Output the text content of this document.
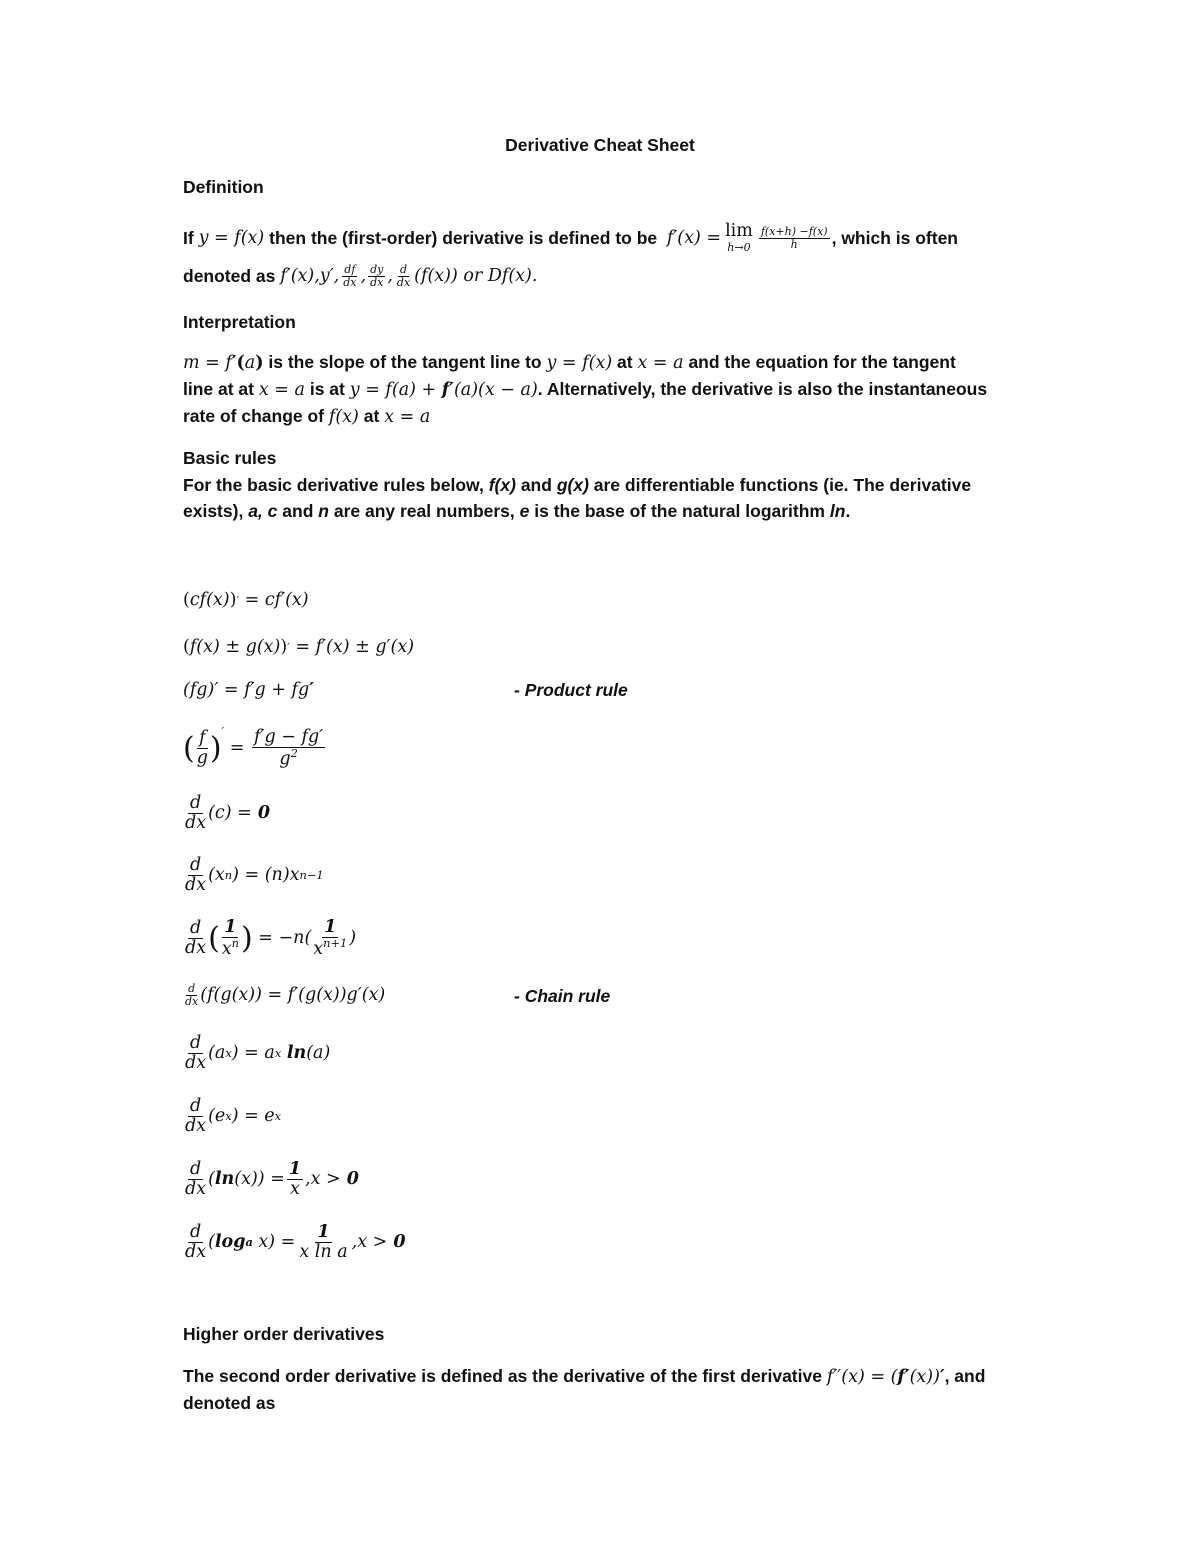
Derivative Cheat Sheet
Definition
If
y = f(x)
then the (first-order) derivative is defined to be
f′(x) = lim
$h\to 0 \frac{f(x+h) -f(x)}{h}$ , which is often
denoted as
f′(x),y′, $\frac{df}{dx}$ , $\frac{dy}{dx}$ , $\frac{d}{dx} (f(x))$ or Df(x).
Interpretation
m = f′(a) is the slope of the tangent line to y = f(x) at x = a and the equation for the tangent
line at at x = a is at y = f(a) + f′(a)(x − a). Alternatively, the derivative is also the instantaneous
rate of change of f(x) at x = a
Basic rules
For the basic derivative rules below, f(x) and g(x) are differentiable functions (ie. The derivative
exists), a, c and n are any real numbers, e is the base of the natural logarithm ln.
( cf(x) ) ′ = cf′(x)
( f(x) ± g(x) ) ′ = f′(x) ± g′(x)
(fg)′ = f′g + fg ′	- Product rule
( $\frac{f}{g} )'$
= $\frac{f'g - fg'}{g^2}$
$\frac{d}{dx} (c) = 0$
$\frac{d}{dx} (x$ n ) = (n)x n−1
$\frac{d}{dx}$ ( $\frac{1}{x^n}$ ) = $-n( \frac{1}{x^{n+1}}$ )
$\frac{d}{dx} (f(g(x)) = f'(g(x))g'(x)$	- Chain rule
$\frac{d}{dx} (a$ x ) = a x
ln (a)
$\frac{d}{dx} (e$ x ) = e x
$\frac{d}{dx}$ ( $\ln (x)) = \frac{1}{x} ,x > 0$
$\frac{d}{dx}$ ( log a $x) = \frac{1}{\text{x ln a}} ,x > 0$
Higher order derivatives
The second order derivative is defined as the derivative of the first derivative f′′(x) = (f′(x))′, and
denoted as
